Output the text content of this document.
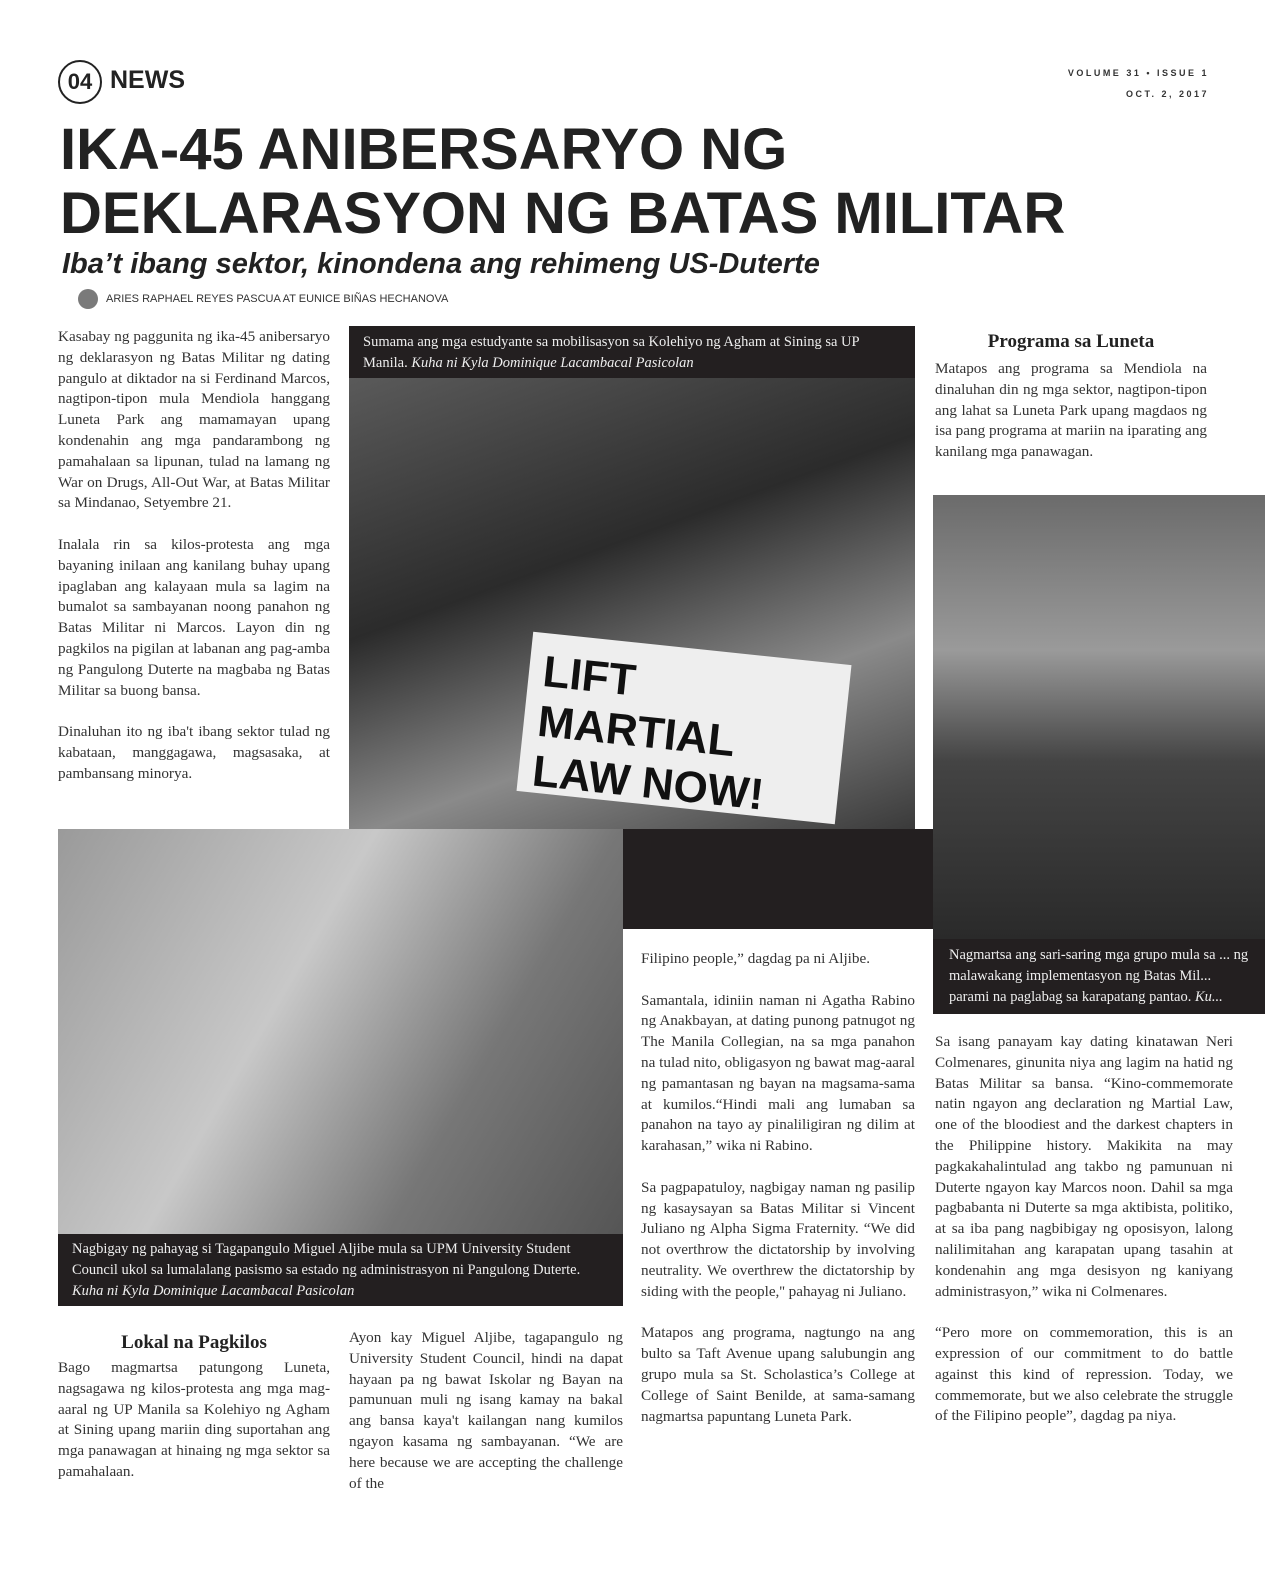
04 NEWS	VOLUME 31 • ISSUE 1
OCT. 2, 2017
IKA-45 ANIBERSARYO NG DEKLARASYON NG BATAS MILITAR
Iba’t ibang sektor, kinondena ang rehimeng US-Duterte
ARIES RAPHAEL REYES PASCUA AT EUNICE BIÑAS HECHANOVA

Kasabay ng paggunita ng ika-45 anibersaryo ng deklarasyon ng Batas Militar ng dating pangulo at diktador na si Ferdinand Marcos, nagtipon-tipon mula Mendiola hanggang Luneta Park ang mamamayan upang kondenahin ang mga pandarambong ng pamahalaan sa lipunan, tulad na lamang ng War on Drugs, All-Out War, at Batas Militar sa Mindanao, Setyembre 21.

Inalala rin sa kilos-protesta ang mga bayaning inilaan ang kanilang buhay upang ipaglaban ang kalayaan mula sa lagim na bumalot sa sambayanan noong panahon ng Batas Militar ni Marcos. Layon din ng pagkilos na pigilan at labanan ang pag-amba ng Pangulong Duterte na magbaba ng Batas Militar sa buong bansa.

Dinaluhan ito ng iba't ibang sektor tulad ng kabataan, manggagawa, magsasaka, at pambansang minorya.

Sumama ang mga estudyante sa mobilisasyon sa Kolehiyo ng Agham at Sining sa UP Manila. Kuha ni Kyla Dominique Lacambacal Pasicolan
LIFT MARTIAL LAW NOW!
Programa sa Luneta
Matapos ang programa sa Mendiola na dinaluhan din ng mga sektor, nagtipon-tipon ang lahat sa Luneta Park upang magdaos ng isa pang programa at mariin na iparating ang kanilang mga panawagan.
Nagmartsa ang sari-saring mga grupo mula sa ... ng malawakang implementasyon ng Batas Mil... parami na paglabag sa karapatang pantao. Ku...

Sa isang panayam kay dating kinatawan Neri Colmenares, ginunita niya ang lagim na hatid ng Batas Militar sa bansa. “Kino-commemorate natin ngayon ang declaration ng Martial Law, one of the bloodiest and the darkest chapters in the Philippine history. Makikita na may pagkakahalintulad ang takbo ng pamunuan ni Duterte ngayon kay Marcos noon. Dahil sa mga pagbabanta ni Duterte sa mga aktibista, politiko, at sa iba pang nagbibigay ng oposisyon, lalong nalilimitahan ang karapatan upang tasahin at kondenahin ang mga desisyon ng kaniyang administrasyon,” wika ni Colmenares.

“Pero more on commemoration, this is an expression of our commitment to do battle against this kind of repression. Today, we commemorate, but we also celebrate the struggle of the Filipino people”, dagdag pa niya.

Nagbigay ng pahayag si Tagapangulo Miguel Aljibe mula sa UPM University Student Council ukol sa lumalalang pasismo sa estado ng administrasyon ni Pangulong Duterte. Kuha ni Kyla Dominique Lacambacal Pasicolan

Filipino people,” dagdag pa ni Aljibe.

Samantala, idiniin naman ni Agatha Rabino ng Anakbayan, at dating punong patnugot ng The Manila Collegian, na sa mga panahon na tulad nito, obligasyon ng bawat mag-aaral ng pamantasan ng bayan na magsama-sama at kumilos.“Hindi mali ang lumaban sa panahon na tayo ay pinaliligiran ng dilim at karahasan,” wika ni Rabino.

Sa pagpapatuloy, nagbigay naman ng pasilip ng kasaysayan sa Batas Militar si Vincent Juliano ng Alpha Sigma Fraternity. “We did not overthrow the dictatorship by involving neutrality. We overthrew the dictatorship by siding with the people,'' pahayag ni Juliano.

Matapos ang programa, nagtungo na ang bulto sa Taft Avenue upang salubungin ang grupo mula sa St. Scholastica’s College at College of Saint Benilde, at sama-samang nagmartsa papuntang Luneta Park.

Lokal na Pagkilos
Bago magmartsa patungong Luneta, nagsagawa ng kilos-protesta ang mga mag-aaral ng UP Manila sa Kolehiyo ng Agham at Sining upang mariin ding suportahan ang mga panawagan at hinaing ng mga sektor sa pamahalaan.
Ayon kay Miguel Aljibe, tagapangulo ng University Student Council, hindi na dapat hayaan pa ng bawat Iskolar ng Bayan na pamunuan muli ng isang kamay na bakal ang bansa kaya't kailangan nang kumilos ngayon kasama ng sambayanan. “We are here because we are accepting the challenge of the
